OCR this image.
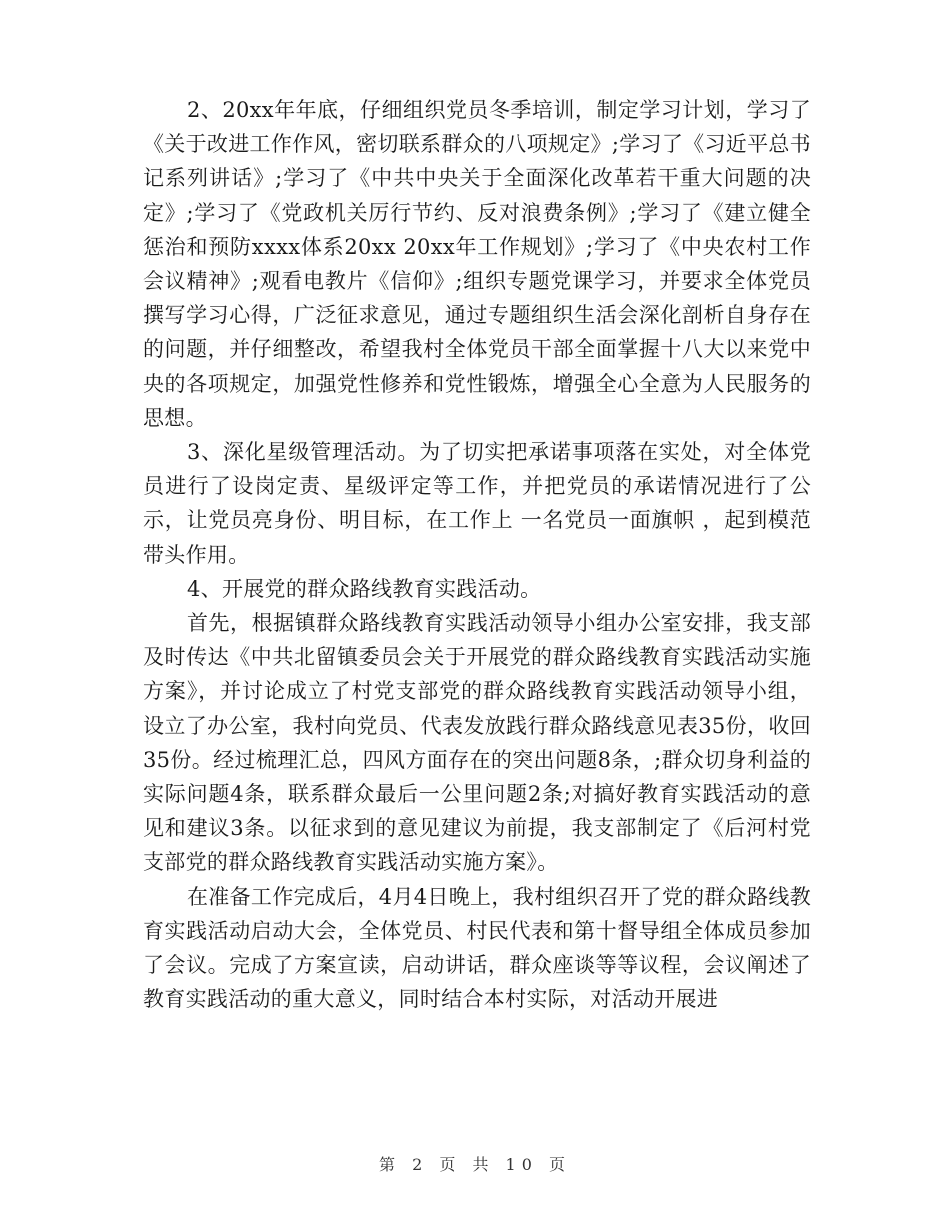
2、20xx年年底，仔细组织党员冬季培训，制定学习计划，学习了《关于改进工作作风，密切联系群众的八项规定》;学习了《习近平总书记系列讲话》;学习了《中共中央关于全面深化改革若干重大问题的决定》;学习了《党政机关厉行节约、反对浪费条例》;学习了《建立健全惩治和预防xxxx体系20xx 20xx年工作规划》;学习了《中央农村工作会议精神》;观看电教片《信仰》;组织专题党课学习，并要求全体党员撰写学习心得，广泛征求意见，通过专题组织生活会深化剖析自身存在的问题，并仔细整改，希望我村全体党员干部全面掌握十八大以来党中央的各项规定，加强党性修养和党性锻炼，增强全心全意为人民服务的思想。

3、深化星级管理活动。为了切实把承诺事项落在实处，对全体党员进行了设岗定责、星级评定等工作，并把党员的承诺情况进行了公示，让党员亮身份、明目标，在工作上 一名党员一面旗帜 ，起到模范带头作用。

4、开展党的群众路线教育实践活动。

首先，根据镇群众路线教育实践活动领导小组办公室安排，我支部及时传达《中共北留镇委员会关于开展党的群众路线教育实践活动实施方案》，并讨论成立了村党支部党的群众路线教育实践活动领导小组，设立了办公室，我村向党员、代表发放践行群众路线意见表35份，收回35份。经过梳理汇总，四风方面存在的突出问题8条，;群众切身利益的实际问题4条，联系群众最后一公里问题2条;对搞好教育实践活动的意见和建议3条。以征求到的意见建议为前提，我支部制定了《后河村党支部党的群众路线教育实践活动实施方案》。

在准备工作完成后，4月4日晚上，我村组织召开了党的群众路线教育实践活动启动大会，全体党员、村民代表和第十督导组全体成员参加了会议。完成了方案宣读，启动讲话，群众座谈等等议程，会议阐述了教育实践活动的重大意义，同时结合本村实际，对活动开展进

第 2 页 共 10 页
